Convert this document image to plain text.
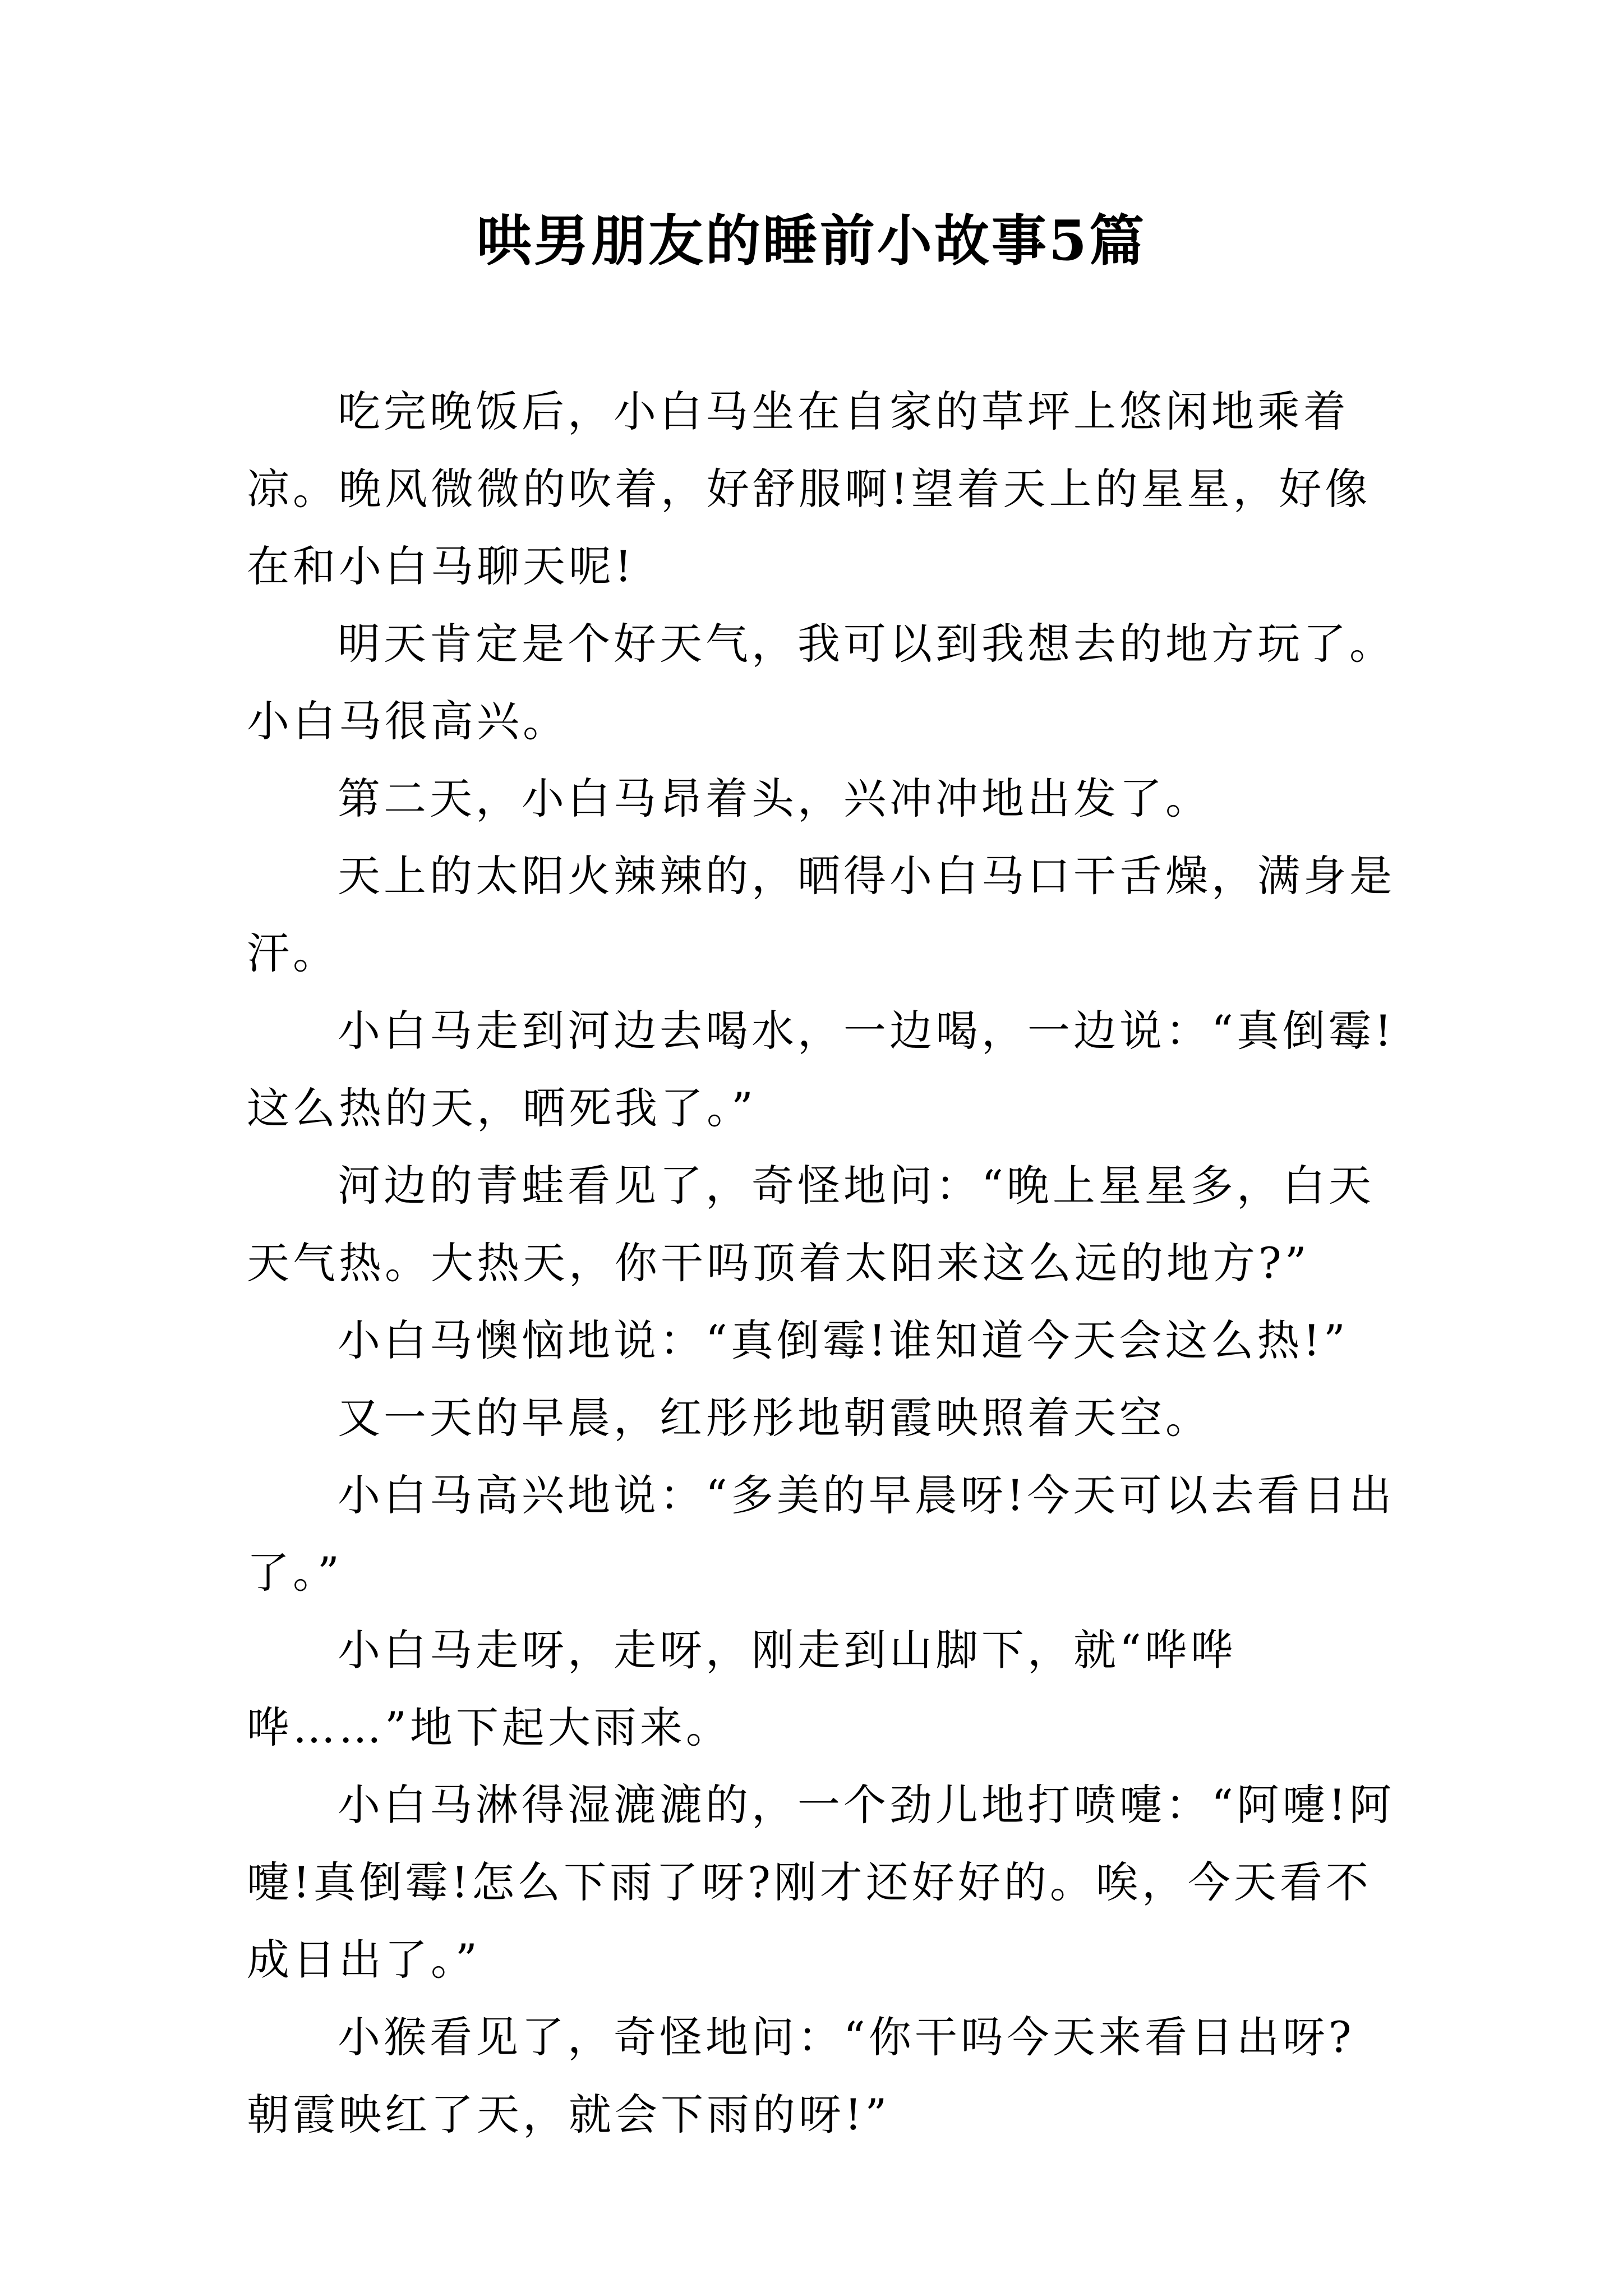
哄男朋友的睡前小故事5篇

吃完晚饭后，小白马坐在自家的草坪上悠闲地乘着凉。晚风微微的吹着，好舒服啊!望着天上的星星，好像在和小白马聊天呢!

明天肯定是个好天气，我可以到我想去的地方玩了。小白马很高兴。

第二天，小白马昂着头，兴冲冲地出发了。

天上的太阳火辣辣的，晒得小白马口干舌燥，满身是汗。

小白马走到河边去喝水，一边喝，一边说：“真倒霉!这么热的天，晒死我了。”

河边的青蛙看见了，奇怪地问：“晚上星星多，白天天气热。大热天，你干吗顶着太阳来这么远的地方?”

小白马懊恼地说：“真倒霉!谁知道今天会这么热!”

又一天的早晨，红彤彤地朝霞映照着天空。

小白马高兴地说：“多美的早晨呀!今天可以去看日出了。”

小白马走呀，走呀，刚走到山脚下，就“哗哗哗……”地下起大雨来。

小白马淋得湿漉漉的，一个劲儿地打喷嚏：“阿嚏!阿嚏!真倒霉!怎么下雨了呀?刚才还好好的。唉，今天看不成日出了。”

小猴看见了，奇怪地问：“你干吗今天来看日出呀?朝霞映红了天，就会下雨的呀!”
